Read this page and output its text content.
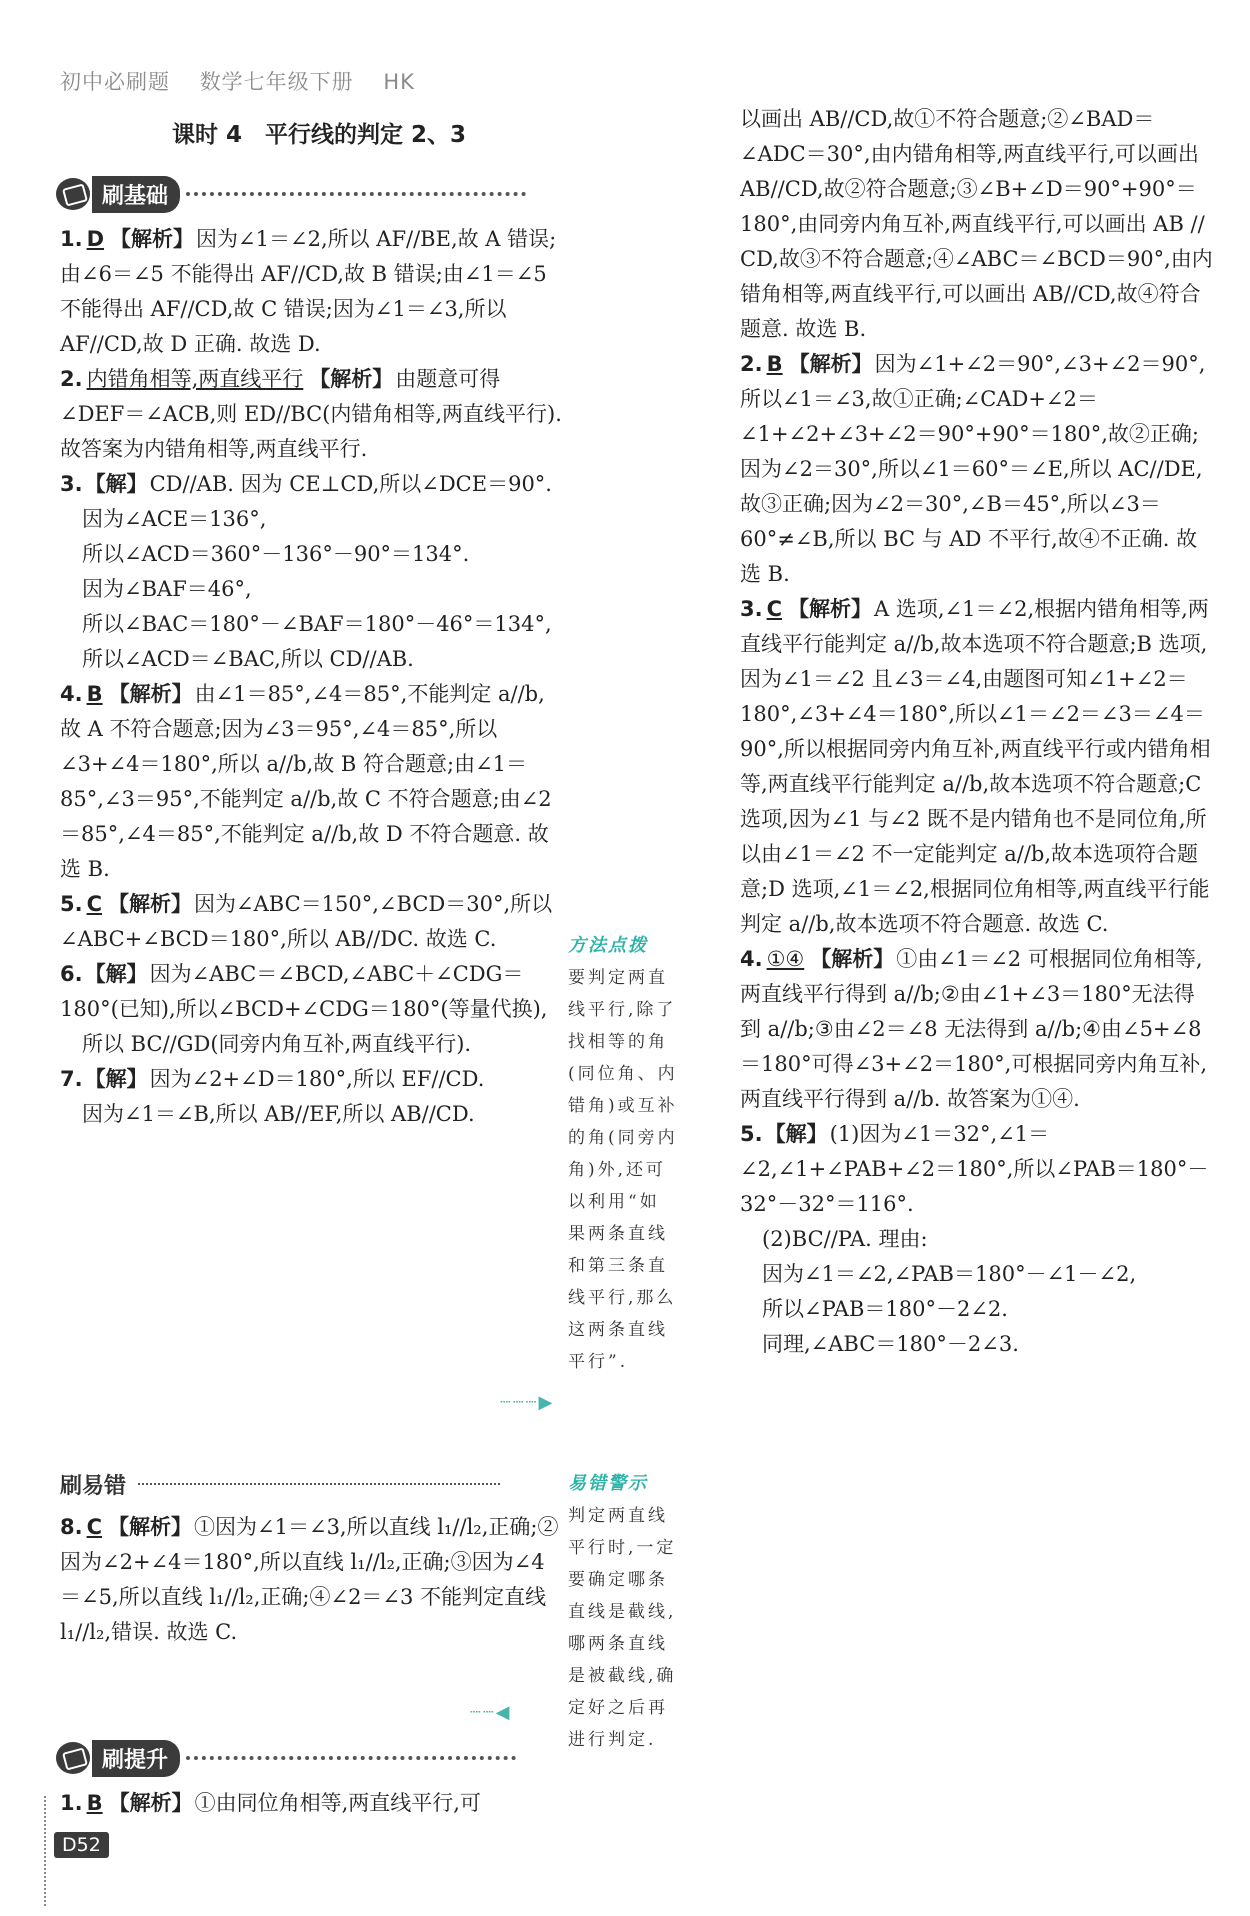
初中必刷题 数学七年级下册 HK
课时 4　平行线的判定 2、3
刷基础

1. D 【解析】因为∠1＝∠2,所以 AF//BE,故 A 错误;由∠6＝∠5 不能得出 AF//CD,故 B 错误;由∠1＝∠5 不能得出 AF//CD,故 C 错误;因为∠1＝∠3,所以 AF//CD,故 D 正确. 故选 D.

2. 内错角相等,两直线平行 【解析】由题意可得∠DEF＝∠ACB,则 ED//BC(内错角相等,两直线平行). 故答案为内错角相等,两直线平行.

3.【解】CD//AB. 因为 CE⊥CD,所以∠DCE＝90°.
因为∠ACE＝136°,
所以∠ACD＝360°－136°－90°＝134°.
因为∠BAF＝46°,
所以∠BAC＝180°－∠BAF＝180°－46°＝134°,
所以∠ACD＝∠BAC,所以 CD//AB.

4. B 【解析】由∠1＝85°,∠4＝85°,不能判定 a//b,故 A 不符合题意;因为∠3＝95°,∠4＝85°,所以∠3+∠4＝180°,所以 a//b,故 B 符合题意;由∠1＝85°,∠3＝95°,不能判定 a//b,故 C 不符合题意;由∠2＝85°,∠4＝85°,不能判定 a//b,故 D 不符合题意. 故选 B.

5. C 【解析】因为∠ABC＝150°,∠BCD＝30°,所以∠ABC+∠BCD＝180°,所以 AB//DC. 故选 C.

6.【解】因为∠ABC＝∠BCD,∠ABC＋∠CDG＝180°(已知),所以∠BCD+∠CDG＝180°(等量代换),
所以 BC//GD(同旁内角互补,两直线平行).
7.【解】因为∠2+∠D＝180°,所以 EF//CD.
因为∠1＝∠B,所以 AB//EF,所以 AB//CD.
刷易错

8. C 【解析】①因为∠1＝∠3,所以直线 l₁//l₂,正确;②因为∠2+∠4＝180°,所以直线 l₁//l₂,正确;③因为∠4＝∠5,所以直线 l₁//l₂,正确;④∠2＝∠3 不能判定直线 l₁//l₂,错误. 故选 C.

刷提升

1. B 【解析】①由同位角相等,两直线平行,可

方法点拨
要判定两直线平行,除了找相等的角(同位角、内错角)或互补的角(同旁内角)外,还可以利用“如果两条直线和第三条直线平行,那么这两条直线平行”.
┈┈┈▶
易错警示
判定两直线平行时,一定要确定哪条直线是截线,哪两条直线是被截线,确定好之后再进行判定.
┈┈◀

以画出 AB//CD,故①不符合题意;②∠BAD＝∠ADC＝30°,由内错角相等,两直线平行,可以画出 AB//CD,故②符合题意;③∠B+∠D＝90°+90°＝180°,由同旁内角互补,两直线平行,可以画出 AB // CD,故③不符合题意;④∠ABC＝∠BCD＝90°,由内错角相等,两直线平行,可以画出 AB//CD,故④符合题意. 故选 B.

2. B 【解析】因为∠1+∠2＝90°,∠3+∠2＝90°,所以∠1＝∠3,故①正确;∠CAD+∠2＝∠1+∠2+∠3+∠2＝90°+90°＝180°,故②正确;因为∠2＝30°,所以∠1＝60°＝∠E,所以 AC//DE,故③正确;因为∠2＝30°,∠B＝45°,所以∠3＝60°≠∠B,所以 BC 与 AD 不平行,故④不正确. 故选 B.

3. C 【解析】A 选项,∠1＝∠2,根据内错角相等,两直线平行能判定 a//b,故本选项不符合题意;B 选项,因为∠1＝∠2 且∠3＝∠4,由题图可知∠1+∠2＝180°,∠3+∠4＝180°,所以∠1＝∠2＝∠3＝∠4＝90°,所以根据同旁内角互补,两直线平行或内错角相等,两直线平行能判定 a//b,故本选项不符合题意;C 选项,因为∠1 与∠2 既不是内错角也不是同位角,所以由∠1＝∠2 不一定能判定 a//b,故本选项符合题意;D 选项,∠1＝∠2,根据同位角相等,两直线平行能判定 a//b,故本选项不符合题意. 故选 C.

4. ①④ 【解析】①由∠1＝∠2 可根据同位角相等,两直线平行得到 a//b;②由∠1+∠3＝180°无法得到 a//b;③由∠2＝∠8 无法得到 a//b;④由∠5+∠8＝180°可得∠3+∠2＝180°,可根据同旁内角互补,两直线平行得到 a//b. 故答案为①④.

5.【解】(1)因为∠1＝32°,∠1＝∠2,∠1+∠PAB+∠2＝180°,所以∠PAB＝180°－32°－32°＝116°.
(2)BC//PA. 理由:
因为∠1＝∠2,∠PAB＝180°－∠1－∠2,
所以∠PAB＝180°－2∠2.
同理,∠ABC＝180°－2∠3.
D52
